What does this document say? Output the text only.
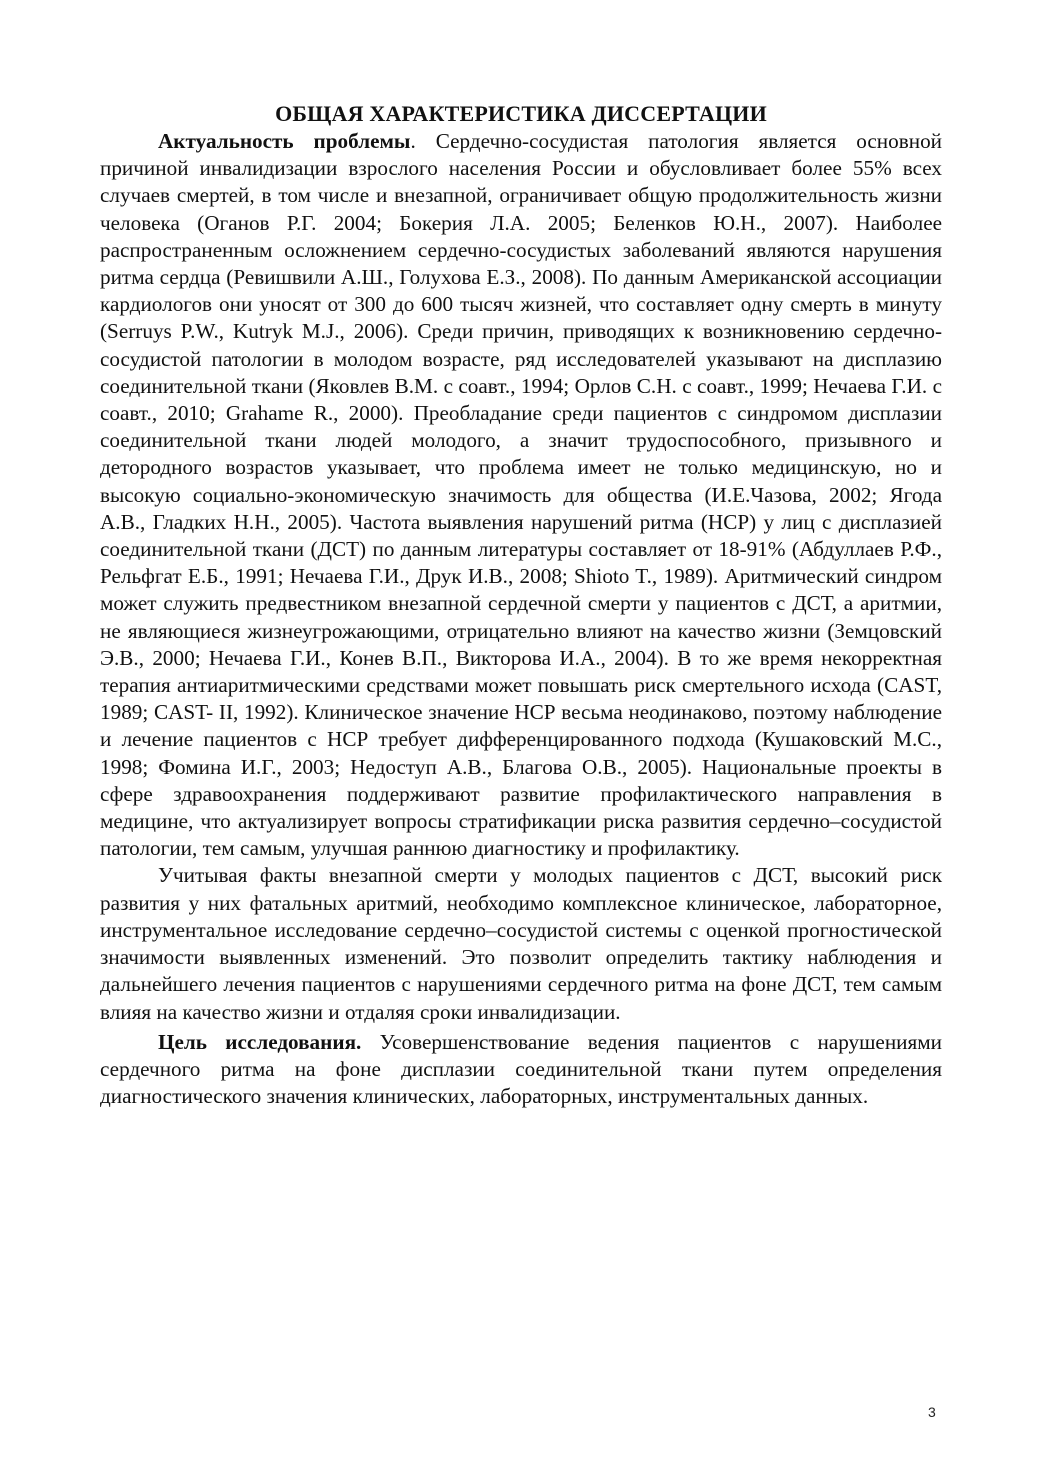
ОБЩАЯ ХАРАКТЕРИСТИКА ДИССЕРТАЦИИ

Актуальность проблемы. Сердечно-сосудистая патология является основной причиной инвалидизации взрослого населения России и обусловливает более 55% всех случаев смертей, в том числе и внезапной, ограничивает общую продолжительность жизни человека (Оганов Р.Г. 2004; Бокерия Л.А. 2005; Беленков Ю.Н., 2007). Наиболее распространенным осложнением сердечно-сосудистых заболеваний являются нарушения ритма сердца (Ревишвили А.Ш., Голухова Е.З., 2008). По данным Американской ассоциации кардиологов они уносят от 300 до 600 тысяч жизней, что составляет одну смерть в минуту (Serruys P.W., Kutryk M.J., 2006). Среди причин, приводящих к возникновению сердечно-сосудистой патологии в молодом возрасте, ряд исследователей указывают на дисплазию соединительной ткани (Яковлев В.М. с соавт., 1994; Орлов С.Н. с соавт., 1999; Нечаева Г.И. с соавт., 2010; Grahame R., 2000). Преобладание среди пациентов с синдромом дисплазии соединительной ткани людей молодого, а значит трудоспособного, призывного и детородного возрастов указывает, что проблема имеет не только медицинскую, но и высокую социально-экономическую значимость для общества (И.Е.Чазова, 2002; Ягода А.В., Гладких Н.Н., 2005). Частота выявления нарушений ритма (НСР) у лиц с дисплазией соединительной ткани (ДСТ) по данным литературы составляет от 18-91% (Абдуллаев Р.Ф., Рельфгат Е.Б., 1991; Нечаева Г.И., Друк И.В., 2008; Shioto T., 1989). Аритмический синдром может служить предвестником внезапной сердечной смерти у пациентов с ДСТ, а аритмии, не являющиеся жизнеугрожающими, отрицательно влияют на качество жизни (Земцовский Э.В., 2000; Нечаева Г.И., Конев В.П., Викторова И.А., 2004). В то же время некорректная терапия антиаритмическими средствами может повышать риск смертельного исхода (CAST, 1989; CAST- II, 1992). Клиническое значение НСР весьма неодинаково, поэтому наблюдение и лечение пациентов с НСР требует дифференцированного подхода (Кушаковский М.С., 1998; Фомина И.Г., 2003; Недоступ А.В., Благова О.В., 2005). Национальные проекты в сфере здравоохранения поддерживают развитие профилактического направления в медицине, что актуализирует вопросы стратификации риска развития сердечно–сосудистой патологии, тем самым, улучшая раннюю диагностику и профилактику.

Учитывая факты внезапной смерти у молодых пациентов с ДСТ, высокий риск развития у них фатальных аритмий, необходимо комплексное клиническое, лабораторное, инструментальное исследование сердечно–сосудистой системы с оценкой прогностической значимости выявленных изменений. Это позволит определить тактику наблюдения и дальнейшего лечения пациентов с нарушениями сердечного ритма на фоне ДСТ, тем самым влияя на качество жизни и отдаляя сроки инвалидизации.

Цель исследования. Усовершенствование ведения пациентов с нарушениями сердечного ритма на фоне дисплазии соединительной ткани путем определения диагностического значения клинических, лабораторных, инструментальных данных.

3
